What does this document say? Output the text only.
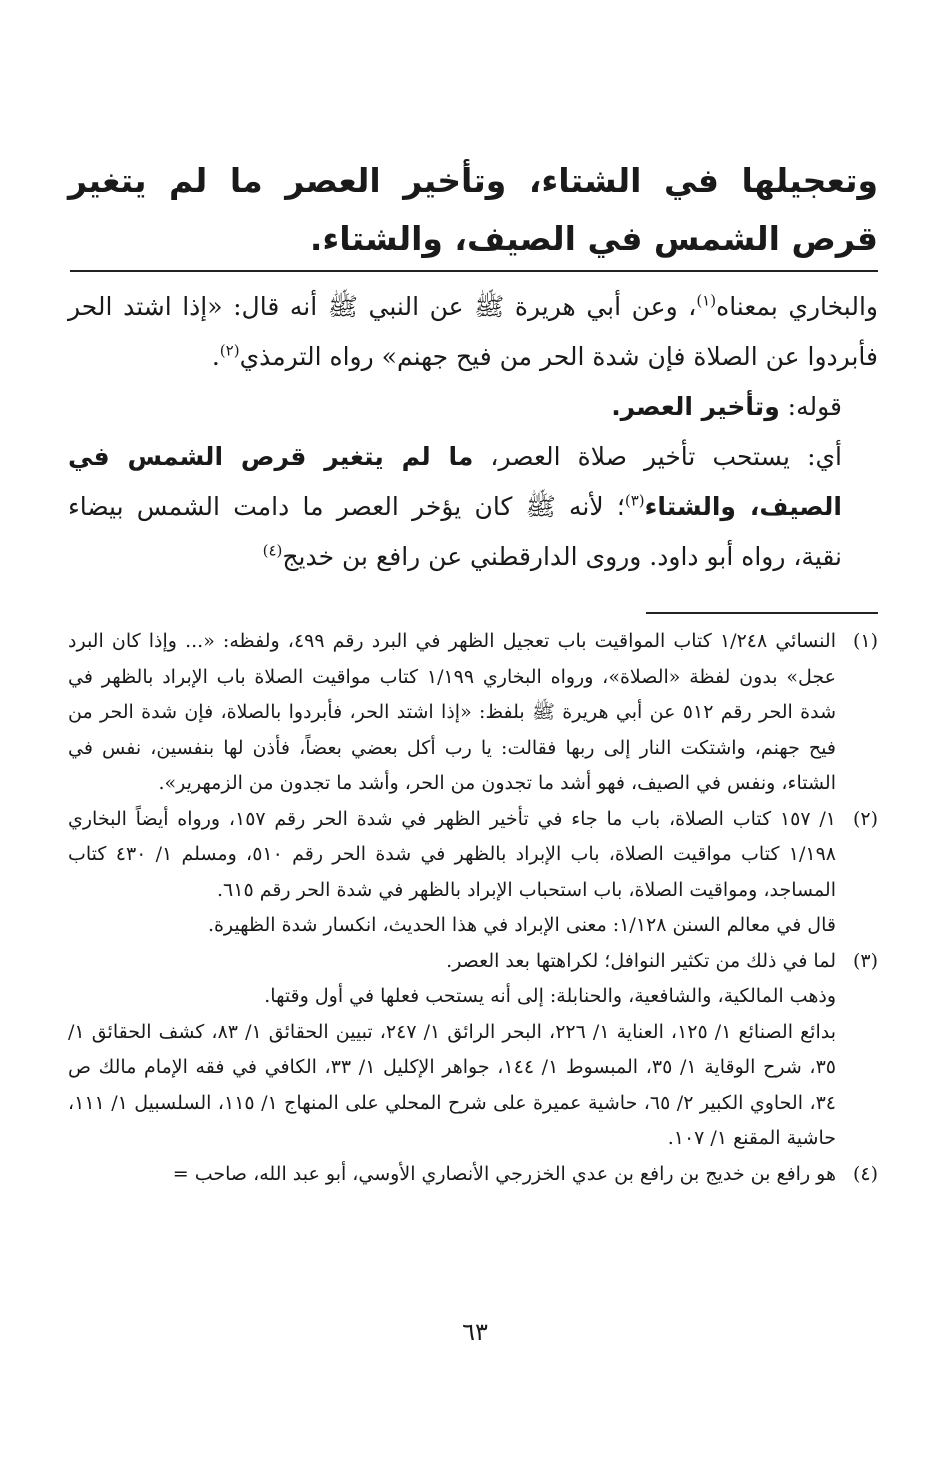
وتعجيلها في الشتاء، وتأخير العصر ما لم يتغير قرص الشمس في الصيف، والشتاء.

والبخاري بمعناه$^{(١)}$، وعن أبي هريرة ﷺ عن النبي ﷺ أنه قال: «إذا اشتد الحر فأبردوا عن الصلاة فإن شدة الحر من فيح جهنم» رواه الترمذي$^{(٢)}$.

قوله: وتأخير العصر.

أي: يستحب تأخير صلاة العصر، ما لم يتغير قرص الشمس في الصيف، والشتاء$^{(٣)}$؛ لأنه ﷺ كان يؤخر العصر ما دامت الشمس بيضاء نقية، رواه أبو داود. وروى الدارقطني عن رافع بن خديج$^{(٤)}$

(١)

النسائي ١/٢٤٨ كتاب المواقيت باب تعجيل الظهر في البرد رقم ٤٩٩، ولفظه: «... وإذا كان البرد عجل» بدون لفظة «الصلاة»، ورواه البخاري ١/١٩٩ كتاب مواقيت الصلاة باب الإبراد بالظهر في شدة الحر رقم ٥١٢ عن أبي هريرة ﷺ بلفظ: «إذا اشتد الحر، فأبردوا بالصلاة، فإن شدة الحر من فيح جهنم، واشتكت النار إلى ربها فقالت: يا رب أكل بعضي بعضاً، فأذن لها بنفسين، نفس في الشتاء، ونفس في الصيف، فهو أشد ما تجدون من الحر، وأشد ما تجدون من الزمهرير».

(٢)

١/ ١٥٧ كتاب الصلاة، باب ما جاء في تأخير الظهر في شدة الحر رقم ١٥٧، ورواه أيضاً البخاري ١/١٩٨ كتاب مواقيت الصلاة، باب الإبراد بالظهر في شدة الحر رقم ٥١٠، ومسلم ١/ ٤٣٠ كتاب المساجد، ومواقيت الصلاة، باب استحباب الإبراد بالظهر في شدة الحر رقم ٦١٥.

قال في معالم السنن ١/١٢٨: معنى الإبراد في هذا الحديث، انكسار شدة الظهيرة.

(٣)

لما في ذلك من تكثير النوافل؛ لكراهتها بعد العصر.

وذهب المالكية، والشافعية، والحنابلة: إلى أنه يستحب فعلها في أول وقتها.

بدائع الصنائع ١/ ١٢٥، العناية ١/ ٢٢٦، البحر الرائق ١/ ٢٤٧، تبيين الحقائق ١/ ٨٣، كشف الحقائق ١/ ٣٥، شرح الوقاية ١/ ٣٥، المبسوط ١/ ١٤٤، جواهر الإكليل ١/ ٣٣، الكافي في فقه الإمام مالك ص ٣٤، الحاوي الكبير ٢/ ٦٥، حاشية عميرة على شرح المحلي على المنهاج ١/ ١١٥، السلسبيل ١/ ١١١، حاشية المقنع ١/ ١٠٧.

(٤)

هو رافع بن خديج بن رافع بن عدي الخزرجي الأنصاري الأوسي، أبو عبد الله، صاحب =

٦٣
